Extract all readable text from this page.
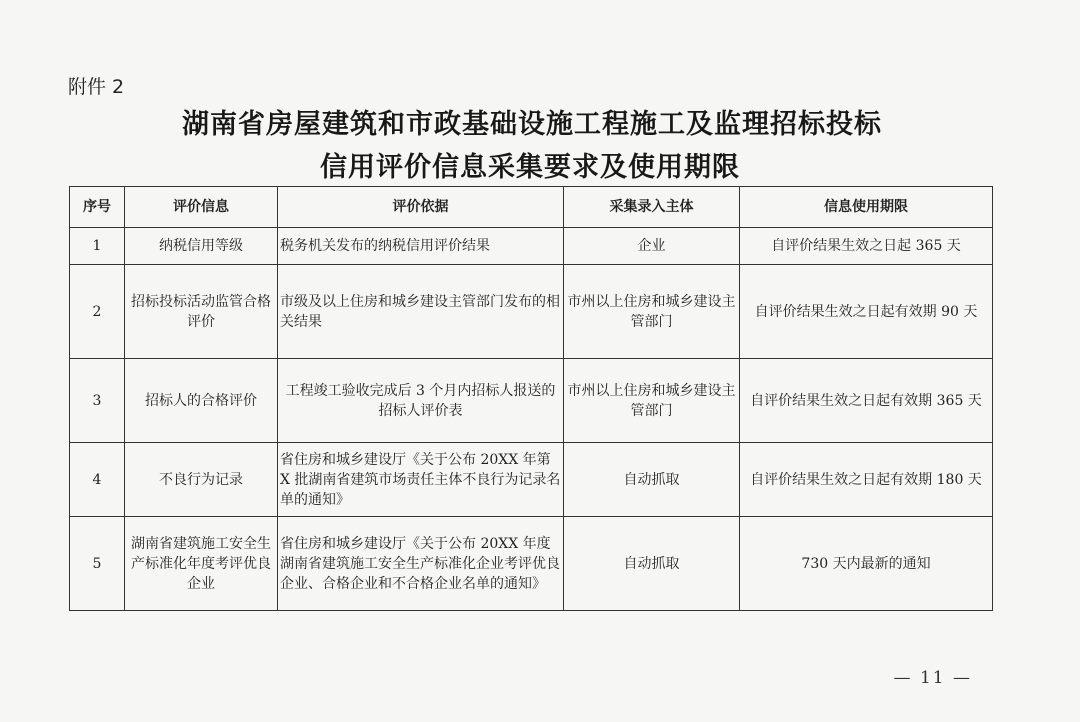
附件 2
湖南省房屋建筑和市政基础设施工程施工及监理招标投标
信用评价信息采集要求及使用期限
序号	评价信息	评价依据	采集录入主体	信息使用期限
1	纳税信用等级	税务机关发布的纳税信用评价结果	企业	自评价结果生效之日起 365 天
2	招标投标活动监管合格评价	市级及以上住房和城乡建设主管部门发布的相关结果	市州以上住房和城乡建设主管部门	自评价结果生效之日起有效期 90 天
3	招标人的合格评价	工程竣工验收完成后 3 个月内招标人报送的招标人评价表	市州以上住房和城乡建设主管部门	自评价结果生效之日起有效期 365 天
4	不良行为记录	省住房和城乡建设厅《关于公布 20XX 年第 X 批湖南省建筑市场责任主体不良行为记录名单的通知》	自动抓取	自评价结果生效之日起有效期 180 天
5	湖南省建筑施工安全生产标准化年度考评优良企业	省住房和城乡建设厅《关于公布 20XX 年度湖南省建筑施工安全生产标准化企业考评优良企业、合格企业和不合格企业名单的通知》	自动抓取	730 天内最新的通知
— 11 —
